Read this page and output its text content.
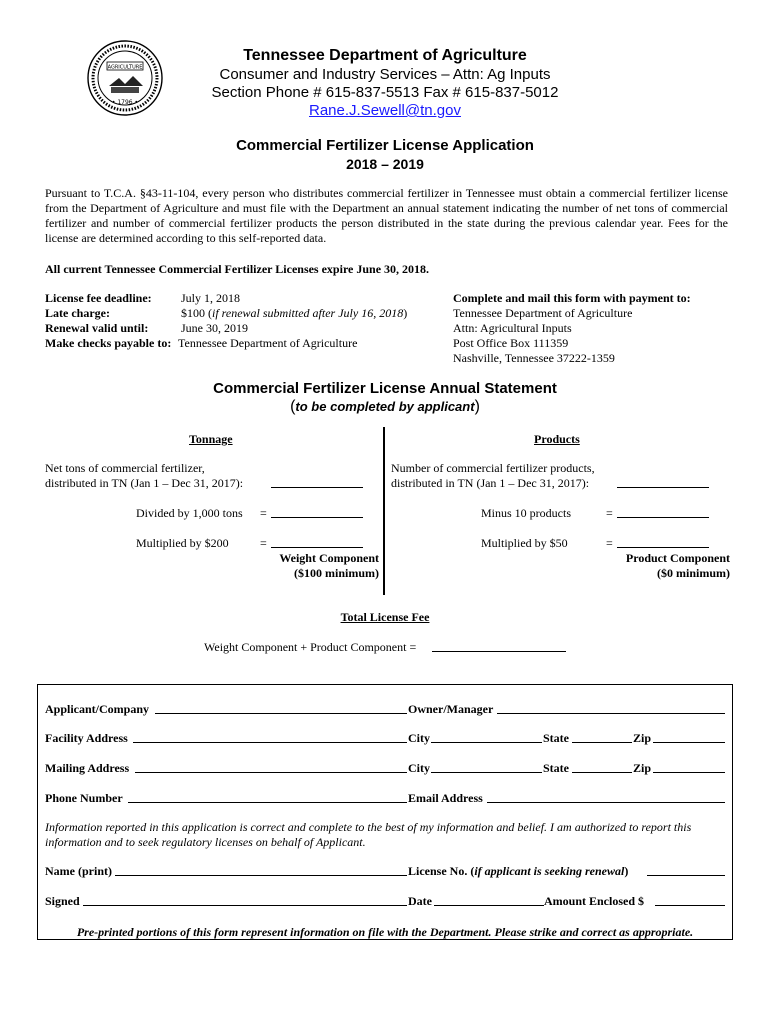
AGRICULTURE
• 1796 •
Tennessee Department of Agriculture
Consumer and Industry Services – Attn: Ag Inputs
Section Phone # 615-837-5513 Fax # 615-837-5012
Rane.J.Sewell@tn.gov
Commercial Fertilizer License Application
2018 – 2019
Pursuant to T.C.A. §43-11-104, every person who distributes commercial fertilizer in Tennessee must obtain a commercial fertilizer license from the Department of Agriculture and must file with the Department an annual statement indicating the number of net tons of commercial fertilizer and number of commercial fertilizer products the person distributed in the state during the previous calendar year. Fees for the license are determined according to this self-reported data.
All current Tennessee Commercial Fertilizer Licenses expire June 30, 2018.
License fee deadline: July 1, 2018
Late charge:	$100 (if renewal submitted after July 16, 2018)
Renewal valid until:	June 30, 2019
Make checks payable to: Tennessee Department of Agriculture
Complete and mail this form with payment to:
Tennessee Department of Agriculture
Attn: Agricultural Inputs
Post Office Box 111359
Nashville, Tennessee 37222-1359
Commercial Fertilizer License Annual Statement
(to be completed by applicant)
Tonnage
Net tons of commercial fertilizer,
distributed in TN (Jan 1 – Dec 31, 2017):
Divided by 1,000 tons =
Multiplied by $200	=
Weight Component
($100 minimum)
Products
Number of commercial fertilizer products,
distributed in TN (Jan 1 – Dec 31, 2017):
Minus 10 products	=
Multiplied by $50	=
Product Component
($0 minimum)
Total License Fee
Weight Component + Product Component =
Applicant/Company	Owner/Manager
Facility Address	City	State	Zip
Mailing Address	City	State	Zip
Phone Number	Email Address
Information reported in this application is correct and complete to the best of my information and belief. I am authorized to report this information and to seek regulatory licenses on behalf of Applicant.
Name (print)	License No. (if applicant is seeking renewal)
Signed	Date	Amount Enclosed $
Pre-printed portions of this form represent information on file with the Department. Please strike and correct as appropriate.
